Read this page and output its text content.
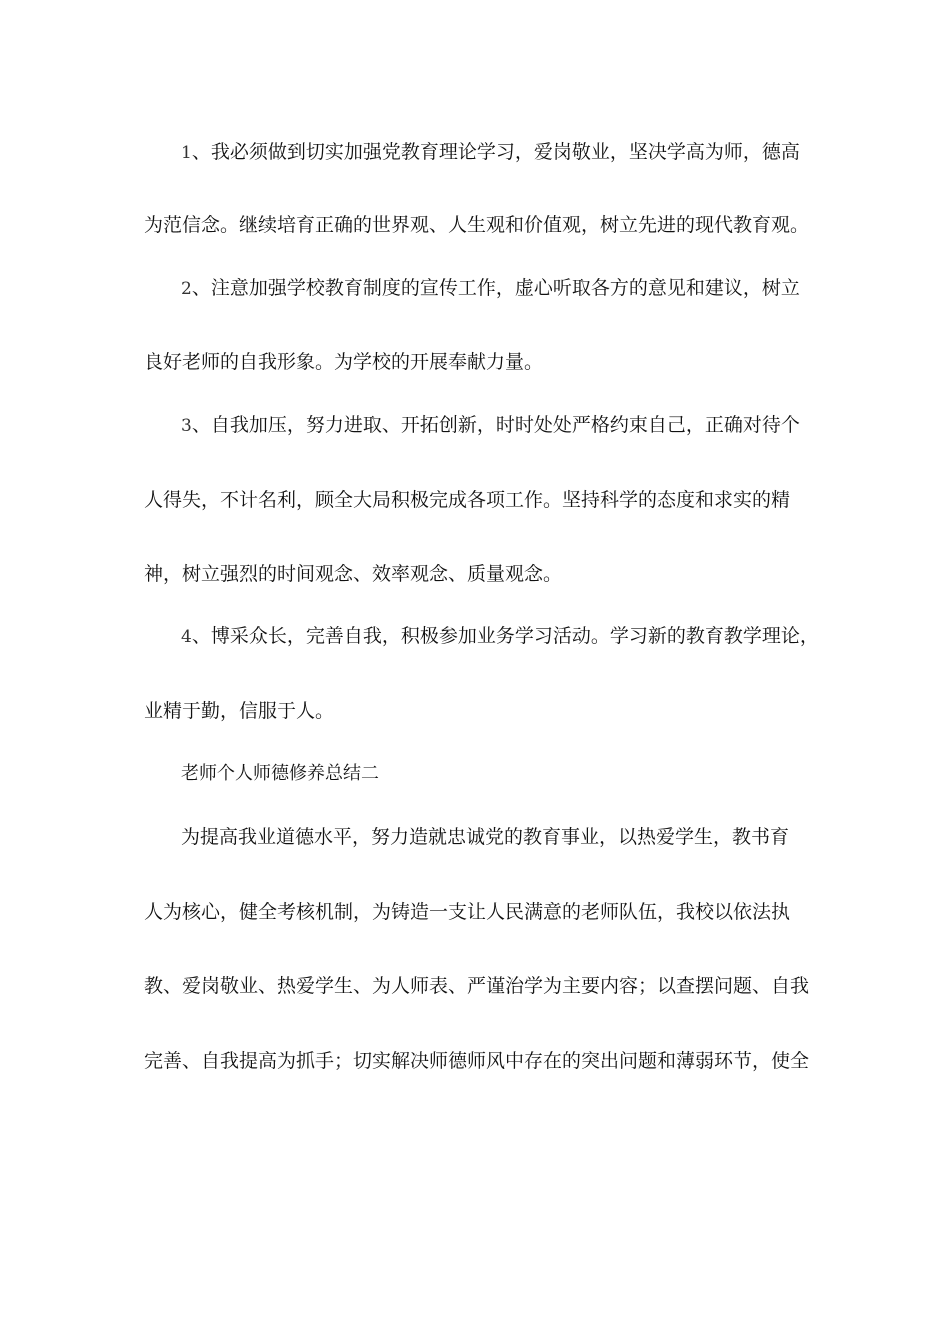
1、我必须做到切实加强党教育理论学习，爱岗敬业，坚决学高为师，德高
为范信念。继续培育正确的世界观、人生观和价值观，树立先进的现代教育观。
2、注意加强学校教育制度的宣传工作，虚心听取各方的意见和建议，树立
良好老师的自我形象。为学校的开展奉献力量。
3、自我加压，努力进取、开拓创新，时时处处严格约束自己，正确对待个
人得失，不计名利，顾全大局积极完成各项工作。坚持科学的态度和求实的精
神，树立强烈的时间观念、效率观念、质量观念。
4、博采众长，完善自我，积极参加业务学习活动。学习新的教育教学理论，
业精于勤，信服于人。
老师个人师德修养总结二
为提高我业道德水平，努力造就忠诚党的教育事业，以热爱学生，教书育
人为核心，健全考核机制，为铸造一支让人民满意的老师队伍，我校以依法执
教、爱岗敬业、热爱学生、为人师表、严谨治学为主要内容；以查摆问题、自我
完善、自我提高为抓手；切实解决师德师风中存在的突出问题和薄弱环节，使全
